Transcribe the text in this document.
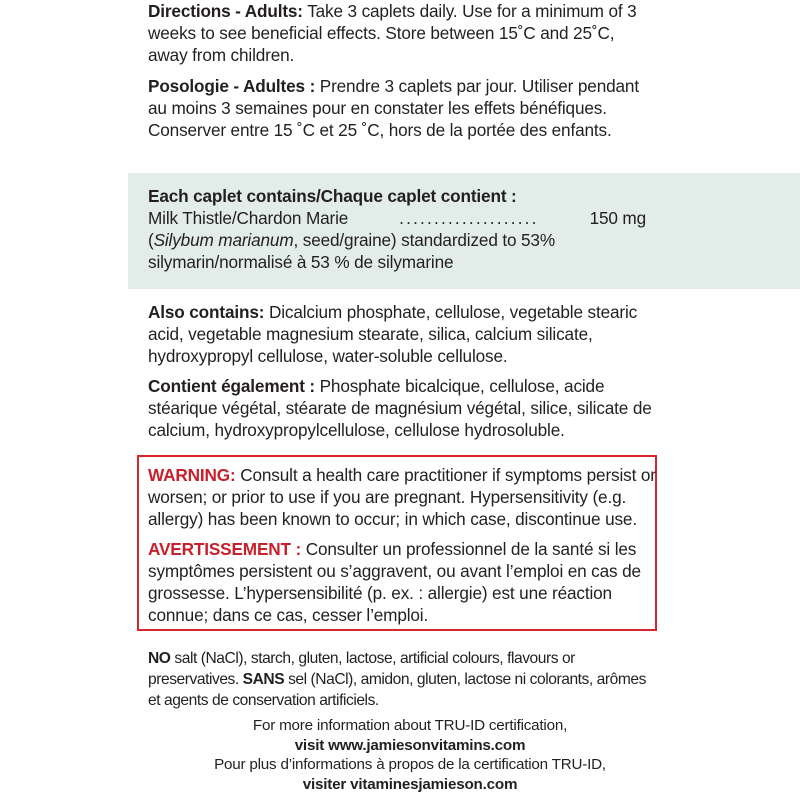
Directions - Adults: Take 3 caplets daily. Use for a minimum of 3 weeks to see beneficial effects. Store between 15˚C and 25˚C, away from children.

Posologie - Adultes : Prendre 3 caplets par jour. Utiliser pendant au moins 3 semaines pour en constater les effets bénéfiques. Conserver entre 15 ˚C et 25 ˚C, hors de la portée des enfants.

Each caplet contains/Chaque caplet contient :

Milk Thistle/Chardon Marie	....................	150 mg

(Silybum marianum, seed/graine) standardized to 53% silymarin/normalisé à 53 % de silymarine

Also contains: Dicalcium phosphate, cellulose, vegetable stearic acid, vegetable magnesium stearate, silica, calcium silicate, hydroxypropyl cellulose, water-soluble cellulose.

Contient également : Phosphate bicalcique, cellulose, acide stéarique végétal, stéarate de magnésium végétal, silice, silicate de calcium, hydroxypropylcellulose, cellulose hydrosoluble.

WARNING: Consult a health care practitioner if symptoms persist or worsen; or prior to use if you are pregnant. Hypersensitivity (e.g. allergy) has been known to occur; in which case, discontinue use.

AVERTISSEMENT : Consulter un professionnel de la santé si les symptômes persistent ou s’aggravent, ou avant l’emploi en cas de grossesse. L’hypersensibilité (p. ex. : allergie) est une réaction connue; dans ce cas, cesser l’emploi.

NO salt (NaCl), starch, gluten, lactose, artificial colours, flavours or preservatives. SANS sel (NaCl), amidon, gluten, lactose ni colorants, arômes et agents de conservation artificiels.

For more information about TRU-ID certification,
visit www.jamiesonvitamins.com
Pour plus d’informations à propos de la certification TRU-ID,
visiter vitaminesjamieson.com
